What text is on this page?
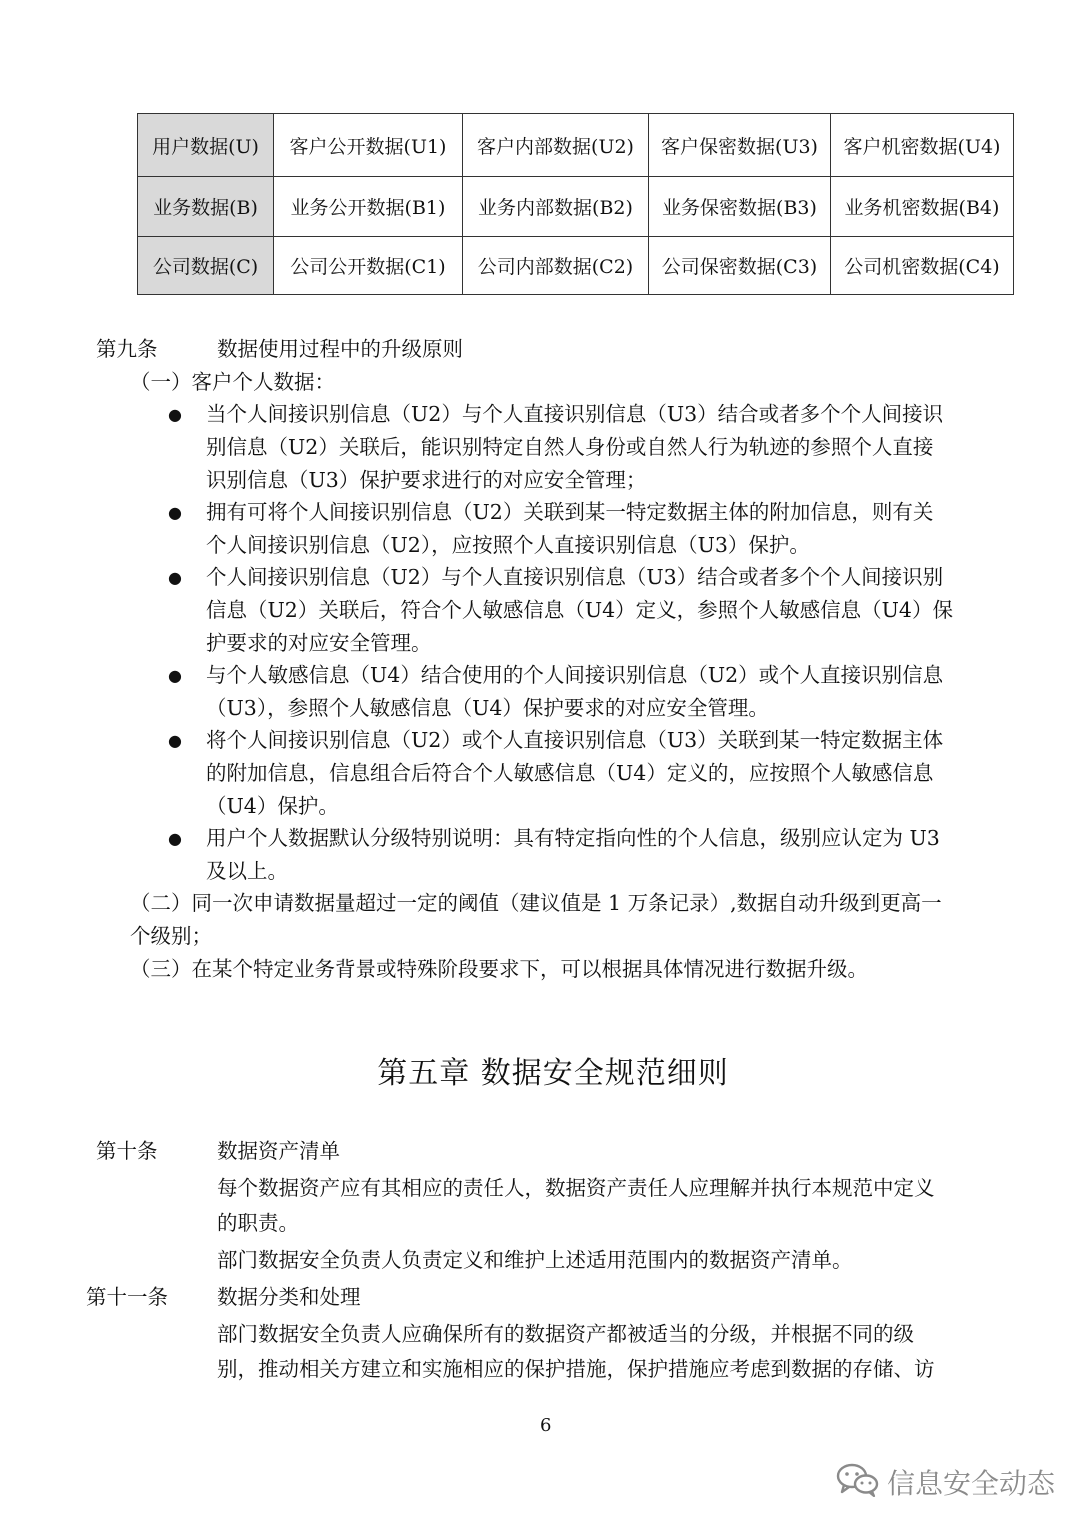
用户数据(U)	客户公开数据(U1)	客户内部数据(U2)	客户保密数据(U3)	客户机密数据(U4)
业务数据(B)	业务公开数据(B1)	业务内部数据(B2)	业务保密数据(B3)	业务机密数据(B4)
公司数据(C)	公司公开数据(C1)	公司内部数据(C2)	公司保密数据(C3)	公司机密数据(C4)
第九条	数据使用过程中的升级原则
（一）客户个人数据：
● 当个人间接识别信息（U2）与个人直接识别信息（U3）结合或者多个个人间接识
别信息（U2）关联后，能识别特定自然人身份或自然人行为轨迹的参照个人直接
识别信息（U3）保护要求进行的对应安全管理；
● 拥有可将个人间接识别信息（U2）关联到某一特定数据主体的附加信息，则有关
个人间接识别信息（U2），应按照个人直接识别信息（U3）保护。
● 个人间接识别信息（U2）与个人直接识别信息（U3）结合或者多个个人间接识别
信息（U2）关联后，符合个人敏感信息（U4）定义，参照个人敏感信息（U4）保
护要求的对应安全管理。
● 与个人敏感信息（U4）结合使用的个人间接识别信息（U2）或个人直接识别信息
（U3），参照个人敏感信息（U4）保护要求的对应安全管理。
● 将个人间接识别信息（U2）或个人直接识别信息（U3）关联到某一特定数据主体
的附加信息，信息组合后符合个人敏感信息（U4）定义的，应按照个人敏感信息
（U4）保护。
● 用户个人数据默认分级特别说明：具有特定指向性的个人信息，级别应认定为 U3
及以上。
（二）同一次申请数据量超过一定的阈值（建议值是 1 万条记录）,数据自动升级到更高一
个级别；
（三）在某个特定业务背景或特殊阶段要求下，可以根据具体情况进行数据升级。
第五章 数据安全规范细则
第十条	数据资产清单
每个数据资产应有其相应的责任人，数据资产责任人应理解并执行本规范中定义
的职责。
部门数据安全负责人负责定义和维护上述适用范围内的数据资产清单。
第十一条 数据分类和处理
部门数据安全负责人应确保所有的数据资产都被适当的分级，并根据不同的级
别，推动相关方建立和实施相应的保护措施，保护措施应考虑到数据的存储、访
6
信息安全动态
